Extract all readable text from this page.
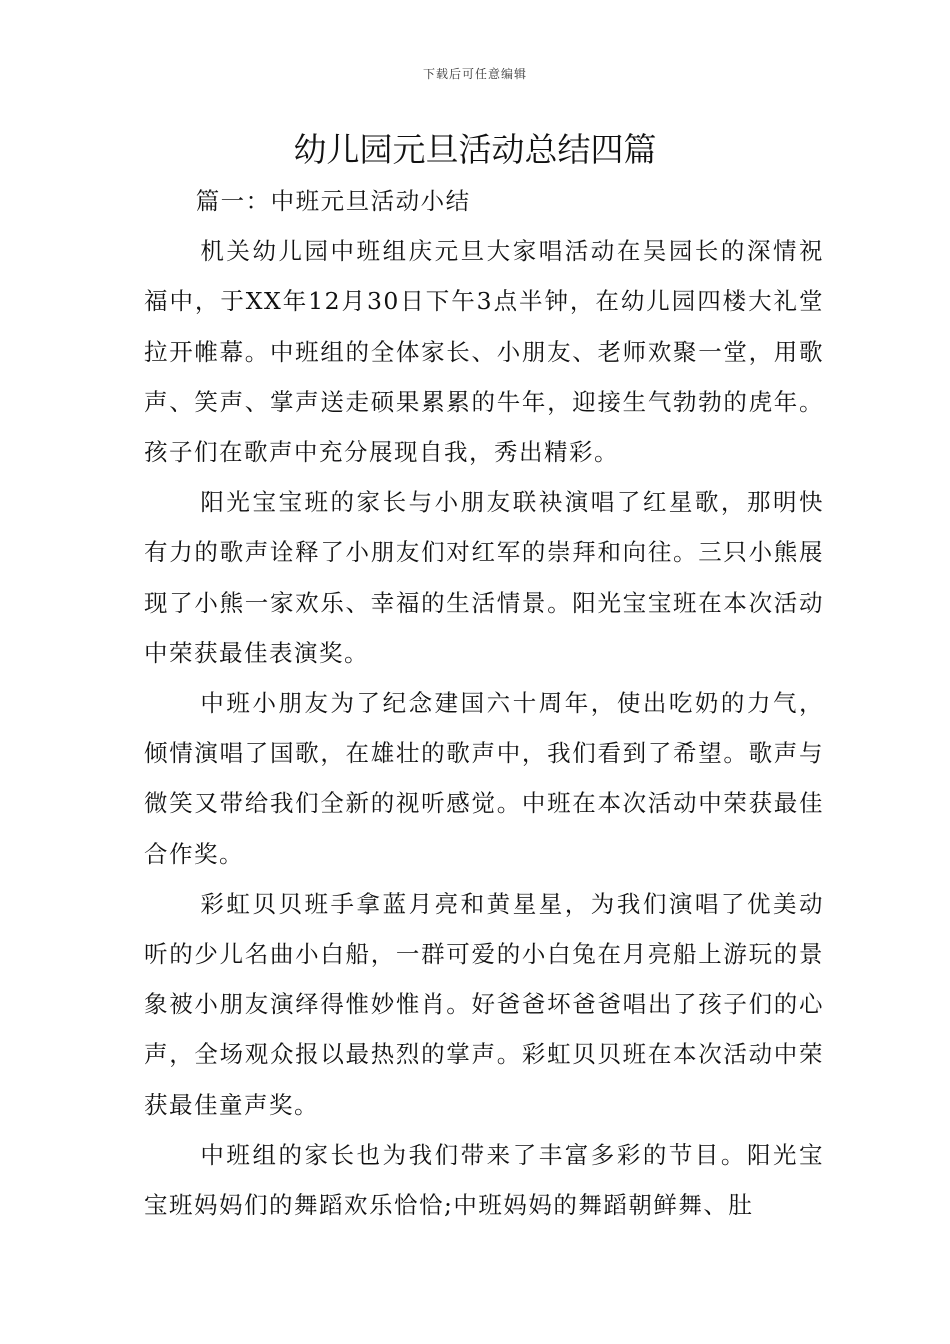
下载后可任意编辑
幼儿园元旦活动总结四篇

篇一：中班元旦活动小结

机关幼儿园中班组庆元旦大家唱活动在吴园长的深情祝福中，于XX年12月30日下午3点半钟，在幼儿园四楼大礼堂拉开帷幕。中班组的全体家长、小朋友、老师欢聚一堂，用歌声、笑声、掌声送走硕果累累的牛年，迎接生气勃勃的虎年。孩子们在歌声中充分展现自我，秀出精彩。

阳光宝宝班的家长与小朋友联袂演唱了红星歌，那明快有力的歌声诠释了小朋友们对红军的崇拜和向往。三只小熊展现了小熊一家欢乐、幸福的生活情景。阳光宝宝班在本次活动中荣获最佳表演奖。

中班小朋友为了纪念建国六十周年，使出吃奶的力气，倾情演唱了国歌，在雄壮的歌声中，我们看到了希望。歌声与微笑又带给我们全新的视听感觉。中班在本次活动中荣获最佳合作奖。

彩虹贝贝班手拿蓝月亮和黄星星，为我们演唱了优美动听的少儿名曲小白船，一群可爱的小白兔在月亮船上游玩的景象被小朋友演绎得惟妙惟肖。好爸爸坏爸爸唱出了孩子们的心声，全场观众报以最热烈的掌声。彩虹贝贝班在本次活动中荣获最佳童声奖。

中班组的家长也为我们带来了丰富多彩的节目。阳光宝宝班妈妈们的舞蹈欢乐恰恰;中班妈妈的舞蹈朝鲜舞、肚
